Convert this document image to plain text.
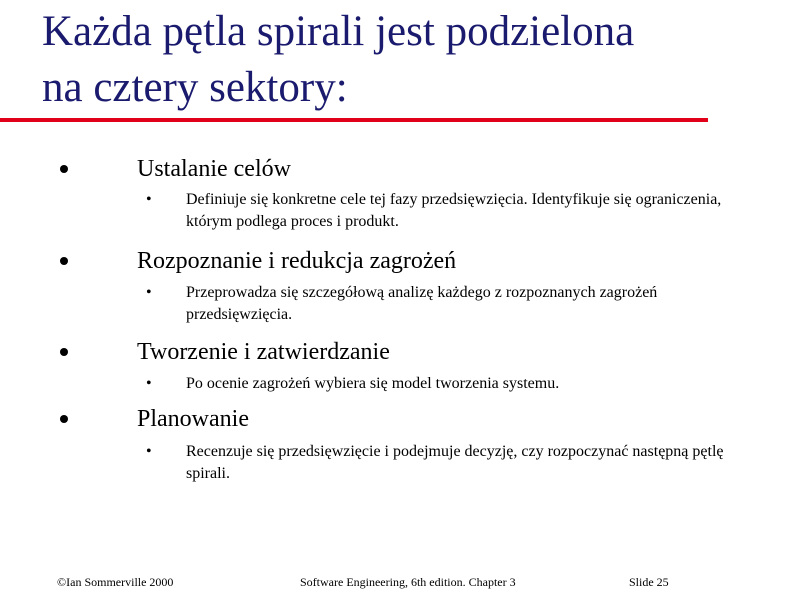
Każda pętla spirali jest podzielona
na cztery sektory:
Ustalanie celów
• Definiuje się konkretne cele tej fazy przedsięwzięcia. Identyfikuje się ograniczenia, którym podlega proces i produkt.
Rozpoznanie i redukcja zagrożeń
• Przeprowadza się szczegółową analizę każdego z rozpoznanych zagrożeń przedsięwzięcia.
Tworzenie i zatwierdzanie
• Po ocenie zagrożeń wybiera się model tworzenia systemu.
Planowanie
• Recenzuje się przedsięwzięcie i podejmuje decyzję, czy rozpoczynać następną pętlę spirali.
©Ian Sommerville 2000	Software Engineering, 6th edition. Chapter 3	Slide 25
